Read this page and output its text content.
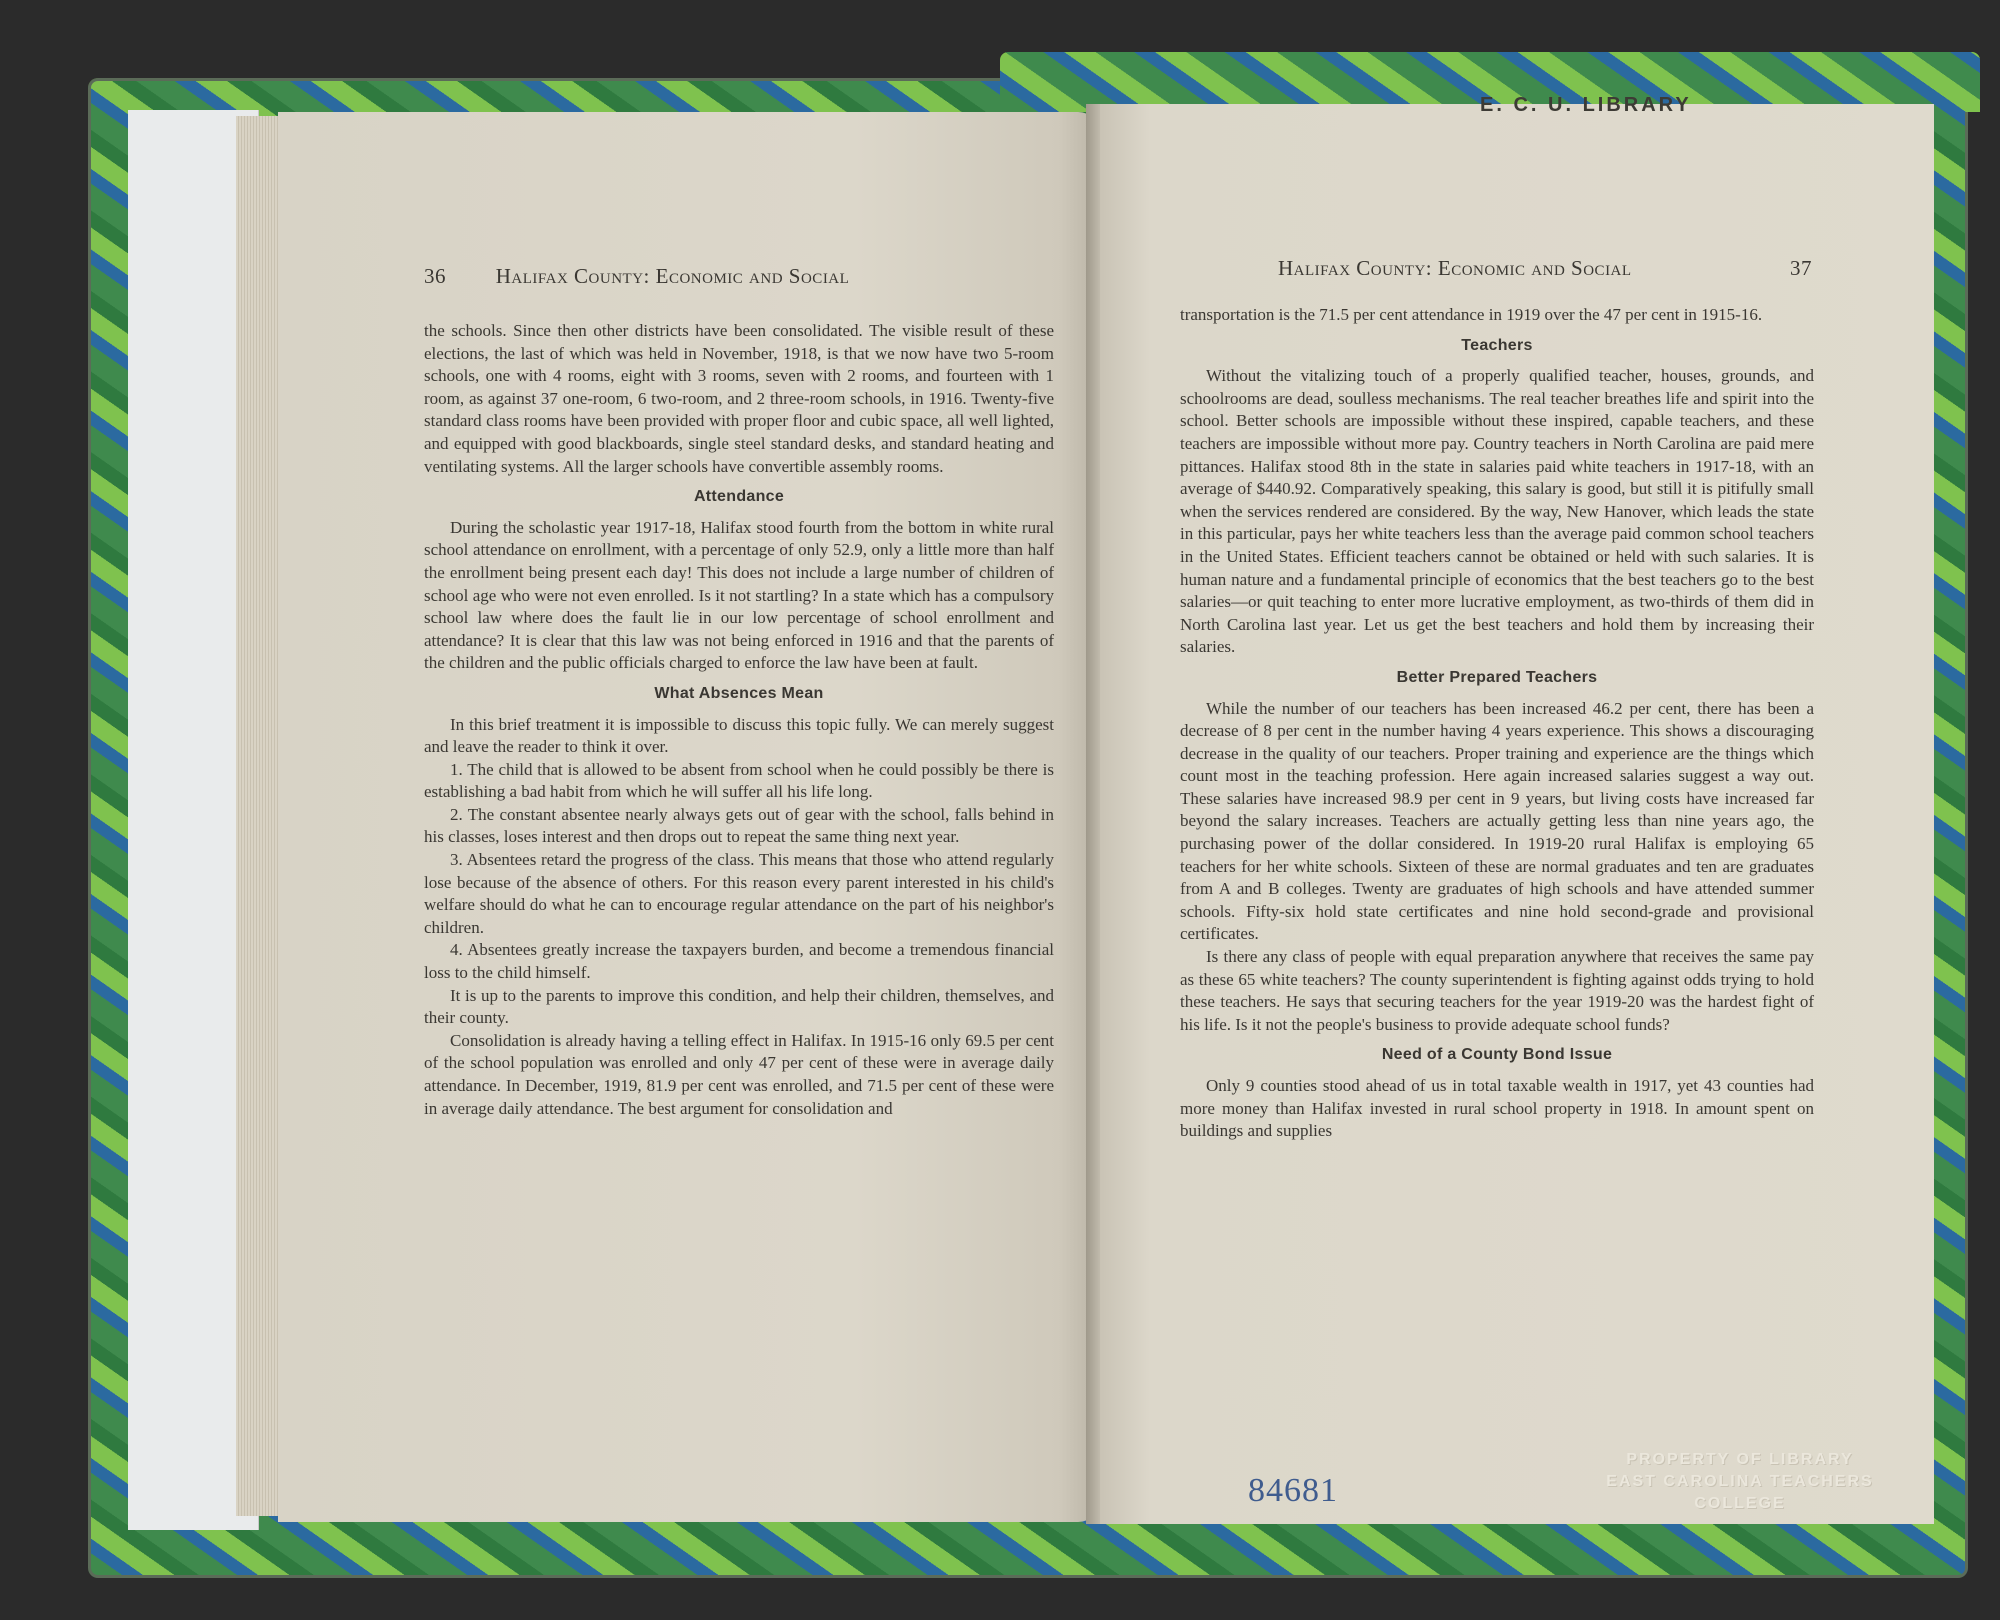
36 Halifax County: Economic and Social

the schools. Since then other districts have been consolidated. The visible result of these elections, the last of which was held in November, 1918, is that we now have two 5-room schools, one with 4 rooms, eight with 3 rooms, seven with 2 rooms, and fourteen with 1 room, as against 37 one-room, 6 two-room, and 2 three-room schools, in 1916. Twenty-five standard class rooms have been provided with proper floor and cubic space, all well lighted, and equipped with good blackboards, single steel standard desks, and standard heating and ventilating systems. All the larger schools have convertible assembly rooms.

Attendance

During the scholastic year 1917-18, Halifax stood fourth from the bottom in white rural school attendance on enrollment, with a percentage of only 52.9, only a little more than half the enrollment being present each day! This does not include a large number of children of school age who were not even enrolled. Is it not startling? In a state which has a compulsory school law where does the fault lie in our low percentage of school enrollment and attendance? It is clear that this law was not being enforced in 1916 and that the parents of the children and the public officials charged to enforce the law have been at fault.

What Absences Mean

In this brief treatment it is impossible to discuss this topic fully. We can merely suggest and leave the reader to think it over.

1. The child that is allowed to be absent from school when he could possibly be there is establishing a bad habit from which he will suffer all his life long.

2. The constant absentee nearly always gets out of gear with the school, falls behind in his classes, loses interest and then drops out to repeat the same thing next year.

3. Absentees retard the progress of the class. This means that those who attend regularly lose because of the absence of others. For this reason every parent interested in his child's welfare should do what he can to encourage regular attendance on the part of his neighbor's children.

4. Absentees greatly increase the taxpayers burden, and become a tremendous financial loss to the child himself.

It is up to the parents to improve this condition, and help their children, themselves, and their county.

Consolidation is already having a telling effect in Halifax. In 1915-16 only 69.5 per cent of the school population was enrolled and only 47 per cent of these were in average daily attendance. In December, 1919, 81.9 per cent was enrolled, and 71.5 per cent of these were in average daily attendance. The best argument for consolidation and

E. C. U. LIBRARY
Halifax County: Economic and Social	37

transportation is the 71.5 per cent attendance in 1919 over the 47 per cent in 1915-16.

Teachers

Without the vitalizing touch of a properly qualified teacher, houses, grounds, and schoolrooms are dead, soulless mechanisms. The real teacher breathes life and spirit into the school. Better schools are impossible without these inspired, capable teachers, and these teachers are impossible without more pay. Country teachers in North Carolina are paid mere pittances. Halifax stood 8th in the state in salaries paid white teachers in 1917-18, with an average of $440.92. Comparatively speaking, this salary is good, but still it is pitifully small when the services rendered are considered. By the way, New Hanover, which leads the state in this particular, pays her white teachers less than the average paid common school teachers in the United States. Efficient teachers cannot be obtained or held with such salaries. It is human nature and a fundamental principle of economics that the best teachers go to the best salaries—or quit teaching to enter more lucrative employment, as two-thirds of them did in North Carolina last year. Let us get the best teachers and hold them by increasing their salaries.

Better Prepared Teachers

While the number of our teachers has been increased 46.2 per cent, there has been a decrease of 8 per cent in the number having 4 years experience. This shows a discouraging decrease in the quality of our teachers. Proper training and experience are the things which count most in the teaching profession. Here again increased salaries suggest a way out. These salaries have increased 98.9 per cent in 9 years, but living costs have increased far beyond the salary increases. Teachers are actually getting less than nine years ago, the purchasing power of the dollar considered. In 1919-20 rural Halifax is employing 65 teachers for her white schools. Sixteen of these are normal graduates and ten are graduates from A and B colleges. Twenty are graduates of high schools and have attended summer schools. Fifty-six hold state certificates and nine hold second-grade and provisional certificates.

Is there any class of people with equal preparation anywhere that receives the same pay as these 65 white teachers? The county superintendent is fighting against odds trying to hold these teachers. He says that securing teachers for the year 1919-20 was the hardest fight of his life. Is it not the people's business to provide adequate school funds?

Need of a County Bond Issue

Only 9 counties stood ahead of us in total taxable wealth in 1917, yet 43 counties had more money than Halifax invested in rural school property in 1918. In amount spent on buildings and supplies

84681
PROPERTY OF LIBRARY
EAST CAROLINA TEACHERS COLLEGE
